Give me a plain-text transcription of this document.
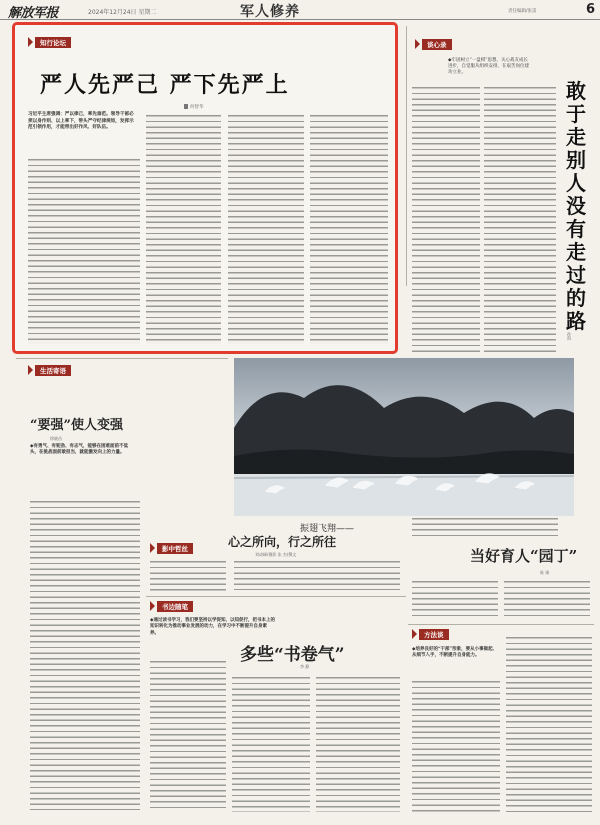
解放军报	2024年12月24日 星期二	军人修养	责任编辑/张雷	6
知行论坛
严人先严己 严下先严上
何智华
习近平主席强调：严以律己，率先垂范。领导干部必须以身作则、以上率下，带头严守纪律规矩，发挥示范引领作用，才能带出好作风、好队伍。
谈心录
◆牢固树立“一盘棋”思想，关心战友成长进步，自觉服从组织安排，在艰苦岗位建功立业。
敢于走别人没有走过的路
孙凯
生活寄语
“要强”使人变强
徐晓昌
◆有勇气、有韧劲、有志气，能够在困难面前不低头，在挑战面前敢担当，就能激发向上的力量。
振翅飞翔——
心之所向，行之所往
刘成峰/摄影 张 杰/撰文
影中哲丝
书边随笔
◆通过读书学习，我们要坚持以学促知、以知促行，把书本上的知识转化为推动事业发展的动力，在学习中不断提升自身素养。
多些“书卷气”
李 静
当好育人“园丁”
陈 瑛
方法谈
◆培养良好的“干部”形象，要从小事做起、从细节入手，不断提升自身能力。
